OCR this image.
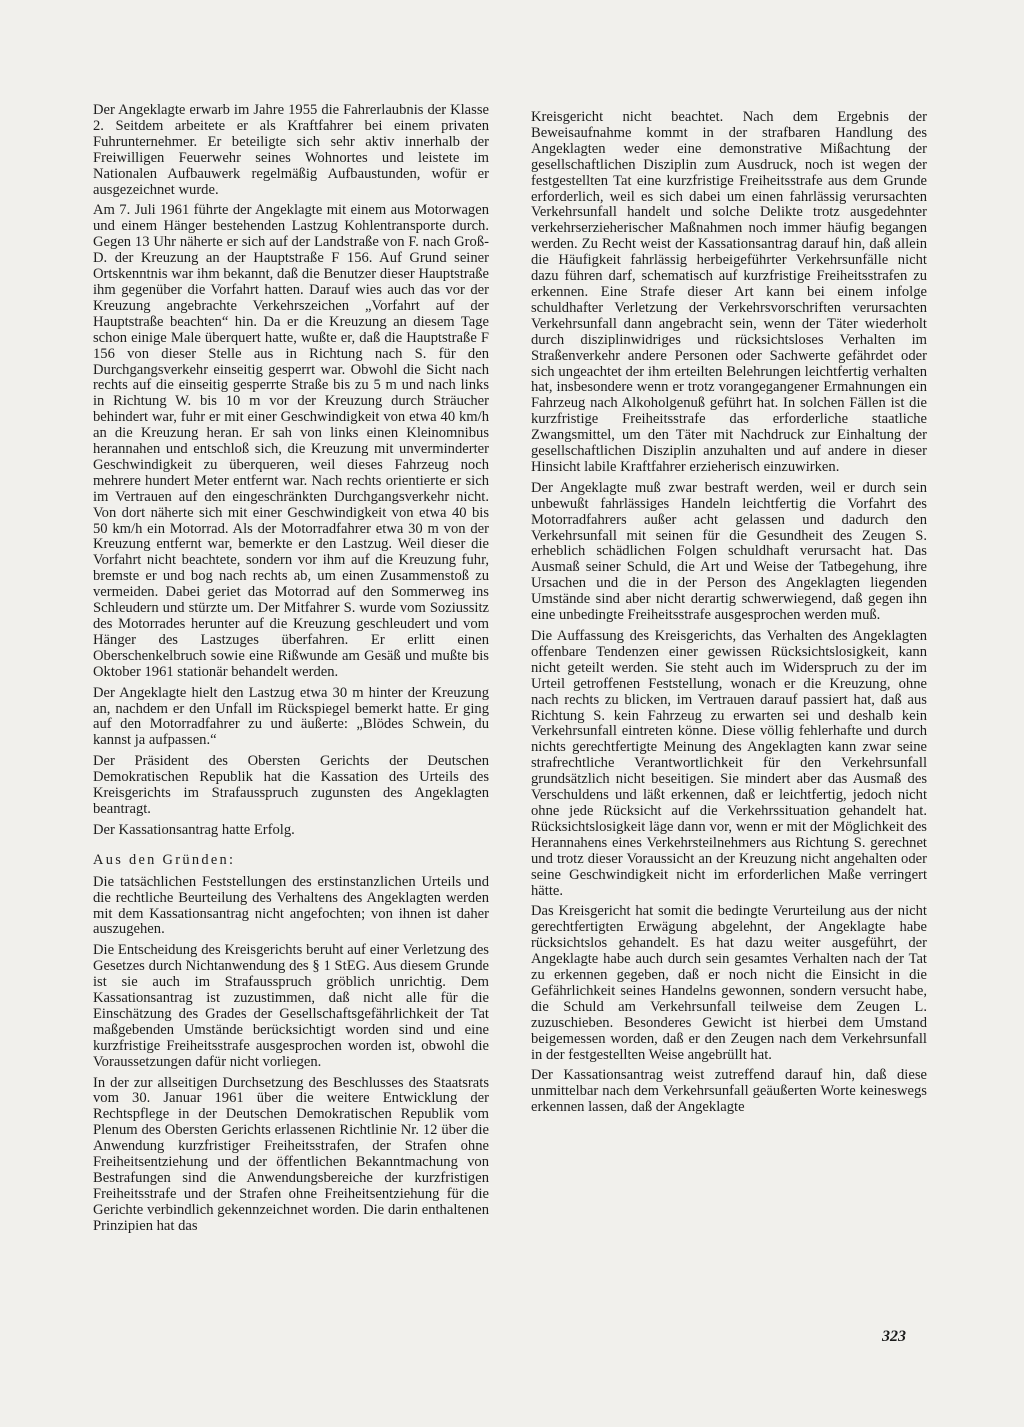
Der Angeklagte erwarb im Jahre 1955 die Fahrerlaubnis der Klasse 2. Seitdem arbeitete er als Kraftfahrer bei einem privaten Fuhrunternehmer. Er beteiligte sich sehr aktiv innerhalb der Freiwilligen Feuerwehr seines Wohnortes und leistete im Nationalen Aufbauwerk regelmäßig Aufbaustunden, wofür er ausgezeichnet wurde.

Am 7. Juli 1961 führte der Angeklagte mit einem aus Motorwagen und einem Hänger bestehenden Lastzug Kohlentransporte durch. Gegen 13 Uhr näherte er sich auf der Landstraße von F. nach Groß-D. der Kreuzung an der Hauptstraße F 156. Auf Grund seiner Ortskenntnis war ihm bekannt, daß die Benutzer dieser Hauptstraße ihm gegenüber die Vorfahrt hatten. Darauf wies auch das vor der Kreuzung angebrachte Verkehrszeichen „Vorfahrt auf der Hauptstraße beachten“ hin. Da er die Kreuzung an diesem Tage schon einige Male überquert hatte, wußte er, daß die Hauptstraße F 156 von dieser Stelle aus in Richtung nach S. für den Durchgangsverkehr einseitig gesperrt war. Obwohl die Sicht nach rechts auf die einseitig gesperrte Straße bis zu 5 m und nach links in Richtung W. bis 10 m vor der Kreuzung durch Sträucher behindert war, fuhr er mit einer Geschwindigkeit von etwa 40 km/h an die Kreuzung heran. Er sah von links einen Kleinomnibus herannahen und entschloß sich, die Kreuzung mit unverminderter Geschwindigkeit zu überqueren, weil dieses Fahrzeug noch mehrere hundert Meter entfernt war. Nach rechts orientierte er sich im Vertrauen auf den eingeschränkten Durchgangsverkehr nicht. Von dort näherte sich mit einer Geschwindigkeit von etwa 40 bis 50 km/h ein Motorrad. Als der Motorradfahrer etwa 30 m von der Kreuzung entfernt war, bemerkte er den Lastzug. Weil dieser die Vorfahrt nicht beachtete, sondern vor ihm auf die Kreuzung fuhr, bremste er und bog nach rechts ab, um einen Zusammenstoß zu vermeiden. Dabei geriet das Motorrad auf den Sommerweg ins Schleudern und stürzte um. Der Mitfahrer S. wurde vom Soziussitz des Motorrades herunter auf die Kreuzung geschleudert und vom Hänger des Lastzuges überfahren. Er erlitt einen Oberschenkelbruch sowie eine Rißwunde am Gesäß und mußte bis Oktober 1961 stationär behandelt werden.

Der Angeklagte hielt den Lastzug etwa 30 m hinter der Kreuzung an, nachdem er den Unfall im Rückspiegel bemerkt hatte. Er ging auf den Motorradfahrer zu und äußerte: „Blödes Schwein, du kannst ja aufpassen.“

Der Präsident des Obersten Gerichts der Deutschen Demokratischen Republik hat die Kassation des Urteils des Kreisgerichts im Strafausspruch zugunsten des Angeklagten beantragt.

Der Kassationsantrag hatte Erfolg.

Aus den Gründen:

Die tatsächlichen Feststellungen des erstinstanzlichen Urteils und die rechtliche Beurteilung des Verhaltens des Angeklagten werden mit dem Kassationsantrag nicht angefochten; von ihnen ist daher auszugehen.

Die Entscheidung des Kreisgerichts beruht auf einer Verletzung des Gesetzes durch Nichtanwendung des § 1 StEG. Aus diesem Grunde ist sie auch im Strafausspruch gröblich unrichtig. Dem Kassationsantrag ist zuzustimmen, daß nicht alle für die Einschätzung des Grades der Gesellschaftsgefährlichkeit der Tat maßgebenden Umstände berücksichtigt worden sind und eine kurzfristige Freiheitsstrafe ausgesprochen worden ist, obwohl die Voraussetzungen dafür nicht vorliegen.

In der zur allseitigen Durchsetzung des Beschlusses des Staatsrats vom 30. Januar 1961 über die weitere Entwicklung der Rechtspflege in der Deutschen Demokratischen Republik vom Plenum des Obersten Gerichts erlassenen Richtlinie Nr. 12 über die Anwendung kurzfristiger Freiheitsstrafen, der Strafen ohne Freiheitsentziehung und der öffentlichen Bekanntmachung von Bestrafungen sind die Anwendungsbereiche der kurzfristigen Freiheitsstrafe und der Strafen ohne Freiheitsentziehung für die Gerichte verbindlich gekennzeichnet worden. Die darin enthaltenen Prinzipien hat das

Kreisgericht nicht beachtet. Nach dem Ergebnis der Beweisaufnahme kommt in der strafbaren Handlung des Angeklagten weder eine demonstrative Mißachtung der gesellschaftlichen Disziplin zum Ausdruck, noch ist wegen der festgestellten Tat eine kurzfristige Freiheitsstrafe aus dem Grunde erforderlich, weil es sich dabei um einen fahrlässig verursachten Verkehrsunfall handelt und solche Delikte trotz ausgedehnter verkehrserzieherischer Maßnahmen noch immer häufig begangen werden. Zu Recht weist der Kassationsantrag darauf hin, daß allein die Häufigkeit fahrlässig herbeigeführter Verkehrsunfälle nicht dazu führen darf, schematisch auf kurzfristige Freiheitsstrafen zu erkennen. Eine Strafe dieser Art kann bei einem infolge schuldhafter Verletzung der Verkehrsvorschriften verursachten Verkehrsunfall dann angebracht sein, wenn der Täter wiederholt durch disziplinwidriges und rücksichtsloses Verhalten im Straßenverkehr andere Personen oder Sachwerte gefährdet oder sich ungeachtet der ihm erteilten Belehrungen leichtfertig verhalten hat, insbesondere wenn er trotz vorangegangener Ermahnungen ein Fahrzeug nach Alkoholgenuß geführt hat. In solchen Fällen ist die kurzfristige Freiheitsstrafe das erforderliche staatliche Zwangsmittel, um den Täter mit Nachdruck zur Einhaltung der gesellschaftlichen Disziplin anzuhalten und auf andere in dieser Hinsicht labile Kraftfahrer erzieherisch einzuwirken.

Der Angeklagte muß zwar bestraft werden, weil er durch sein unbewußt fahrlässiges Handeln leichtfertig die Vorfahrt des Motorradfahrers außer acht gelassen und dadurch den Verkehrsunfall mit seinen für die Gesundheit des Zeugen S. erheblich schädlichen Folgen schuldhaft verursacht hat. Das Ausmaß seiner Schuld, die Art und Weise der Tatbegehung, ihre Ursachen und die in der Person des Angeklagten liegenden Umstände sind aber nicht derartig schwerwiegend, daß gegen ihn eine unbedingte Freiheitsstrafe ausgesprochen werden muß.

Die Auffassung des Kreisgerichts, das Verhalten des Angeklagten offenbare Tendenzen einer gewissen Rücksichtslosigkeit, kann nicht geteilt werden. Sie steht auch im Widerspruch zu der im Urteil getroffenen Feststellung, wonach er die Kreuzung, ohne nach rechts zu blicken, im Vertrauen darauf passiert hat, daß aus Richtung S. kein Fahrzeug zu erwarten sei und deshalb kein Verkehrsunfall eintreten könne. Diese völlig fehlerhafte und durch nichts gerechtfertigte Meinung des Angeklagten kann zwar seine strafrechtliche Verantwortlichkeit für den Verkehrsunfall grundsätzlich nicht beseitigen. Sie mindert aber das Ausmaß des Verschuldens und läßt erkennen, daß er leichtfertig, jedoch nicht ohne jede Rücksicht auf die Verkehrssituation gehandelt hat. Rücksichtslosigkeit läge dann vor, wenn er mit der Möglichkeit des Herannahens eines Verkehrsteilnehmers aus Richtung S. gerechnet und trotz dieser Voraussicht an der Kreuzung nicht angehalten oder seine Geschwindigkeit nicht im erforderlichen Maße verringert hätte.

Das Kreisgericht hat somit die bedingte Verurteilung aus der nicht gerechtfertigten Erwägung abgelehnt, der Angeklagte habe rücksichtslos gehandelt. Es hat dazu weiter ausgeführt, der Angeklagte habe auch durch sein gesamtes Verhalten nach der Tat zu erkennen gegeben, daß er noch nicht die Einsicht in die Gefährlichkeit seines Handelns gewonnen, sondern versucht habe, die Schuld am Verkehrsunfall teilweise dem Zeugen L. zuzuschieben. Besonderes Gewicht ist hierbei dem Umstand beigemessen worden, daß er den Zeugen nach dem Verkehrsunfall in der festgestellten Weise angebrüllt hat.

Der Kassationsantrag weist zutreffend darauf hin, daß diese unmittelbar nach dem Verkehrsunfall geäußerten Worte keineswegs erkennen lassen, daß der Angeklagte

323
